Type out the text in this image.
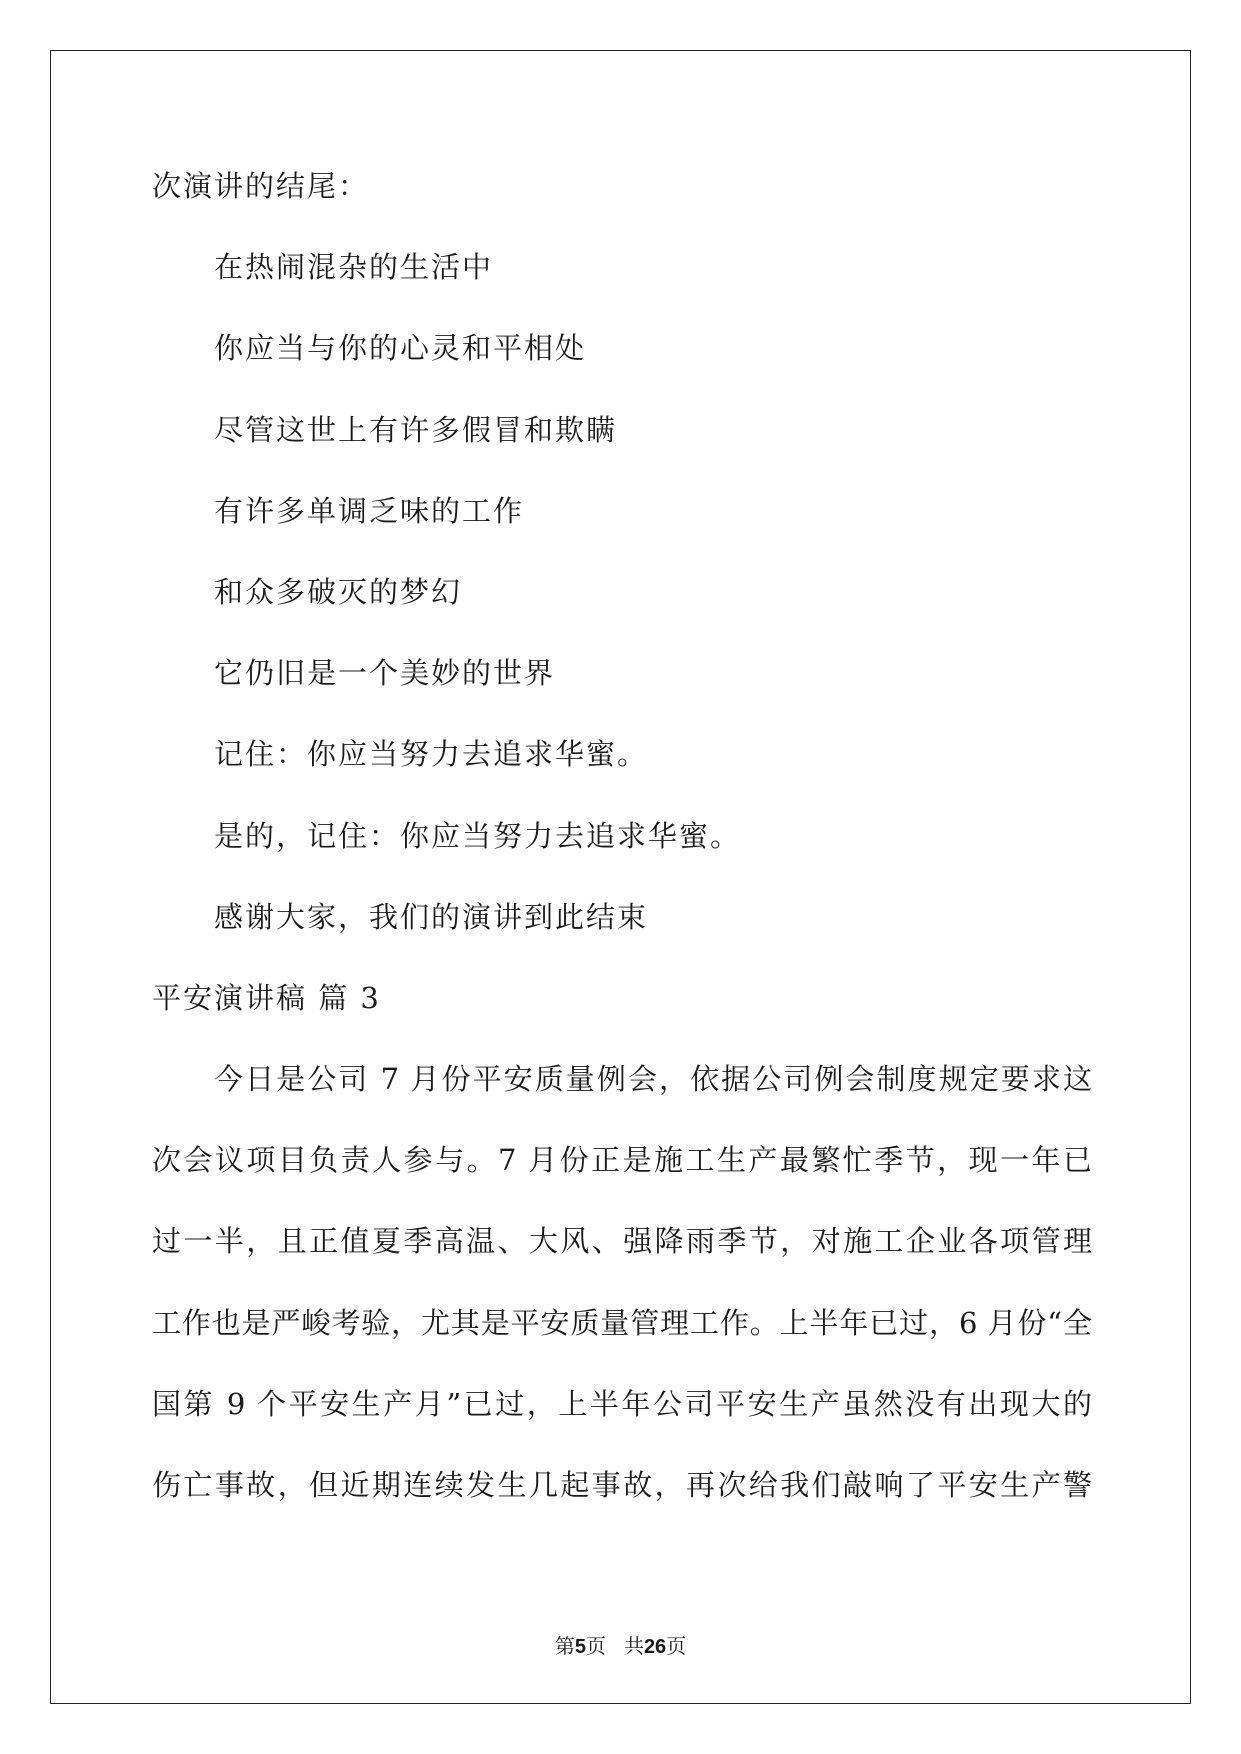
次演讲的结尾：
在热闹混杂的生活中
你应当与你的心灵和平相处
尽管这世上有许多假冒和欺瞒
有许多单调乏味的工作
和众多破灭的梦幻
它仍旧是一个美妙的世界
记住：你应当努力去追求华蜜。
是的，记住：你应当努力去追求华蜜。
感谢大家，我们的演讲到此结束
平安演讲稿 篇 3
今日是公司 7 月份平安质量例会，依据公司例会制度规定要求这
次会议项目负责人参与。7 月份正是施工生产最繁忙季节，现一年已
过一半，且正值夏季高温、大风、强降雨季节，对施工企业各项管理
工作也是严峻考验，尤其是平安质量管理工作。上半年已过，6 月份“全
国第 9 个平安生产月”已过，上半年公司平安生产虽然没有出现大的
伤亡事故，但近期连续发生几起事故，再次给我们敲响了平安生产警
第5页 共26页
